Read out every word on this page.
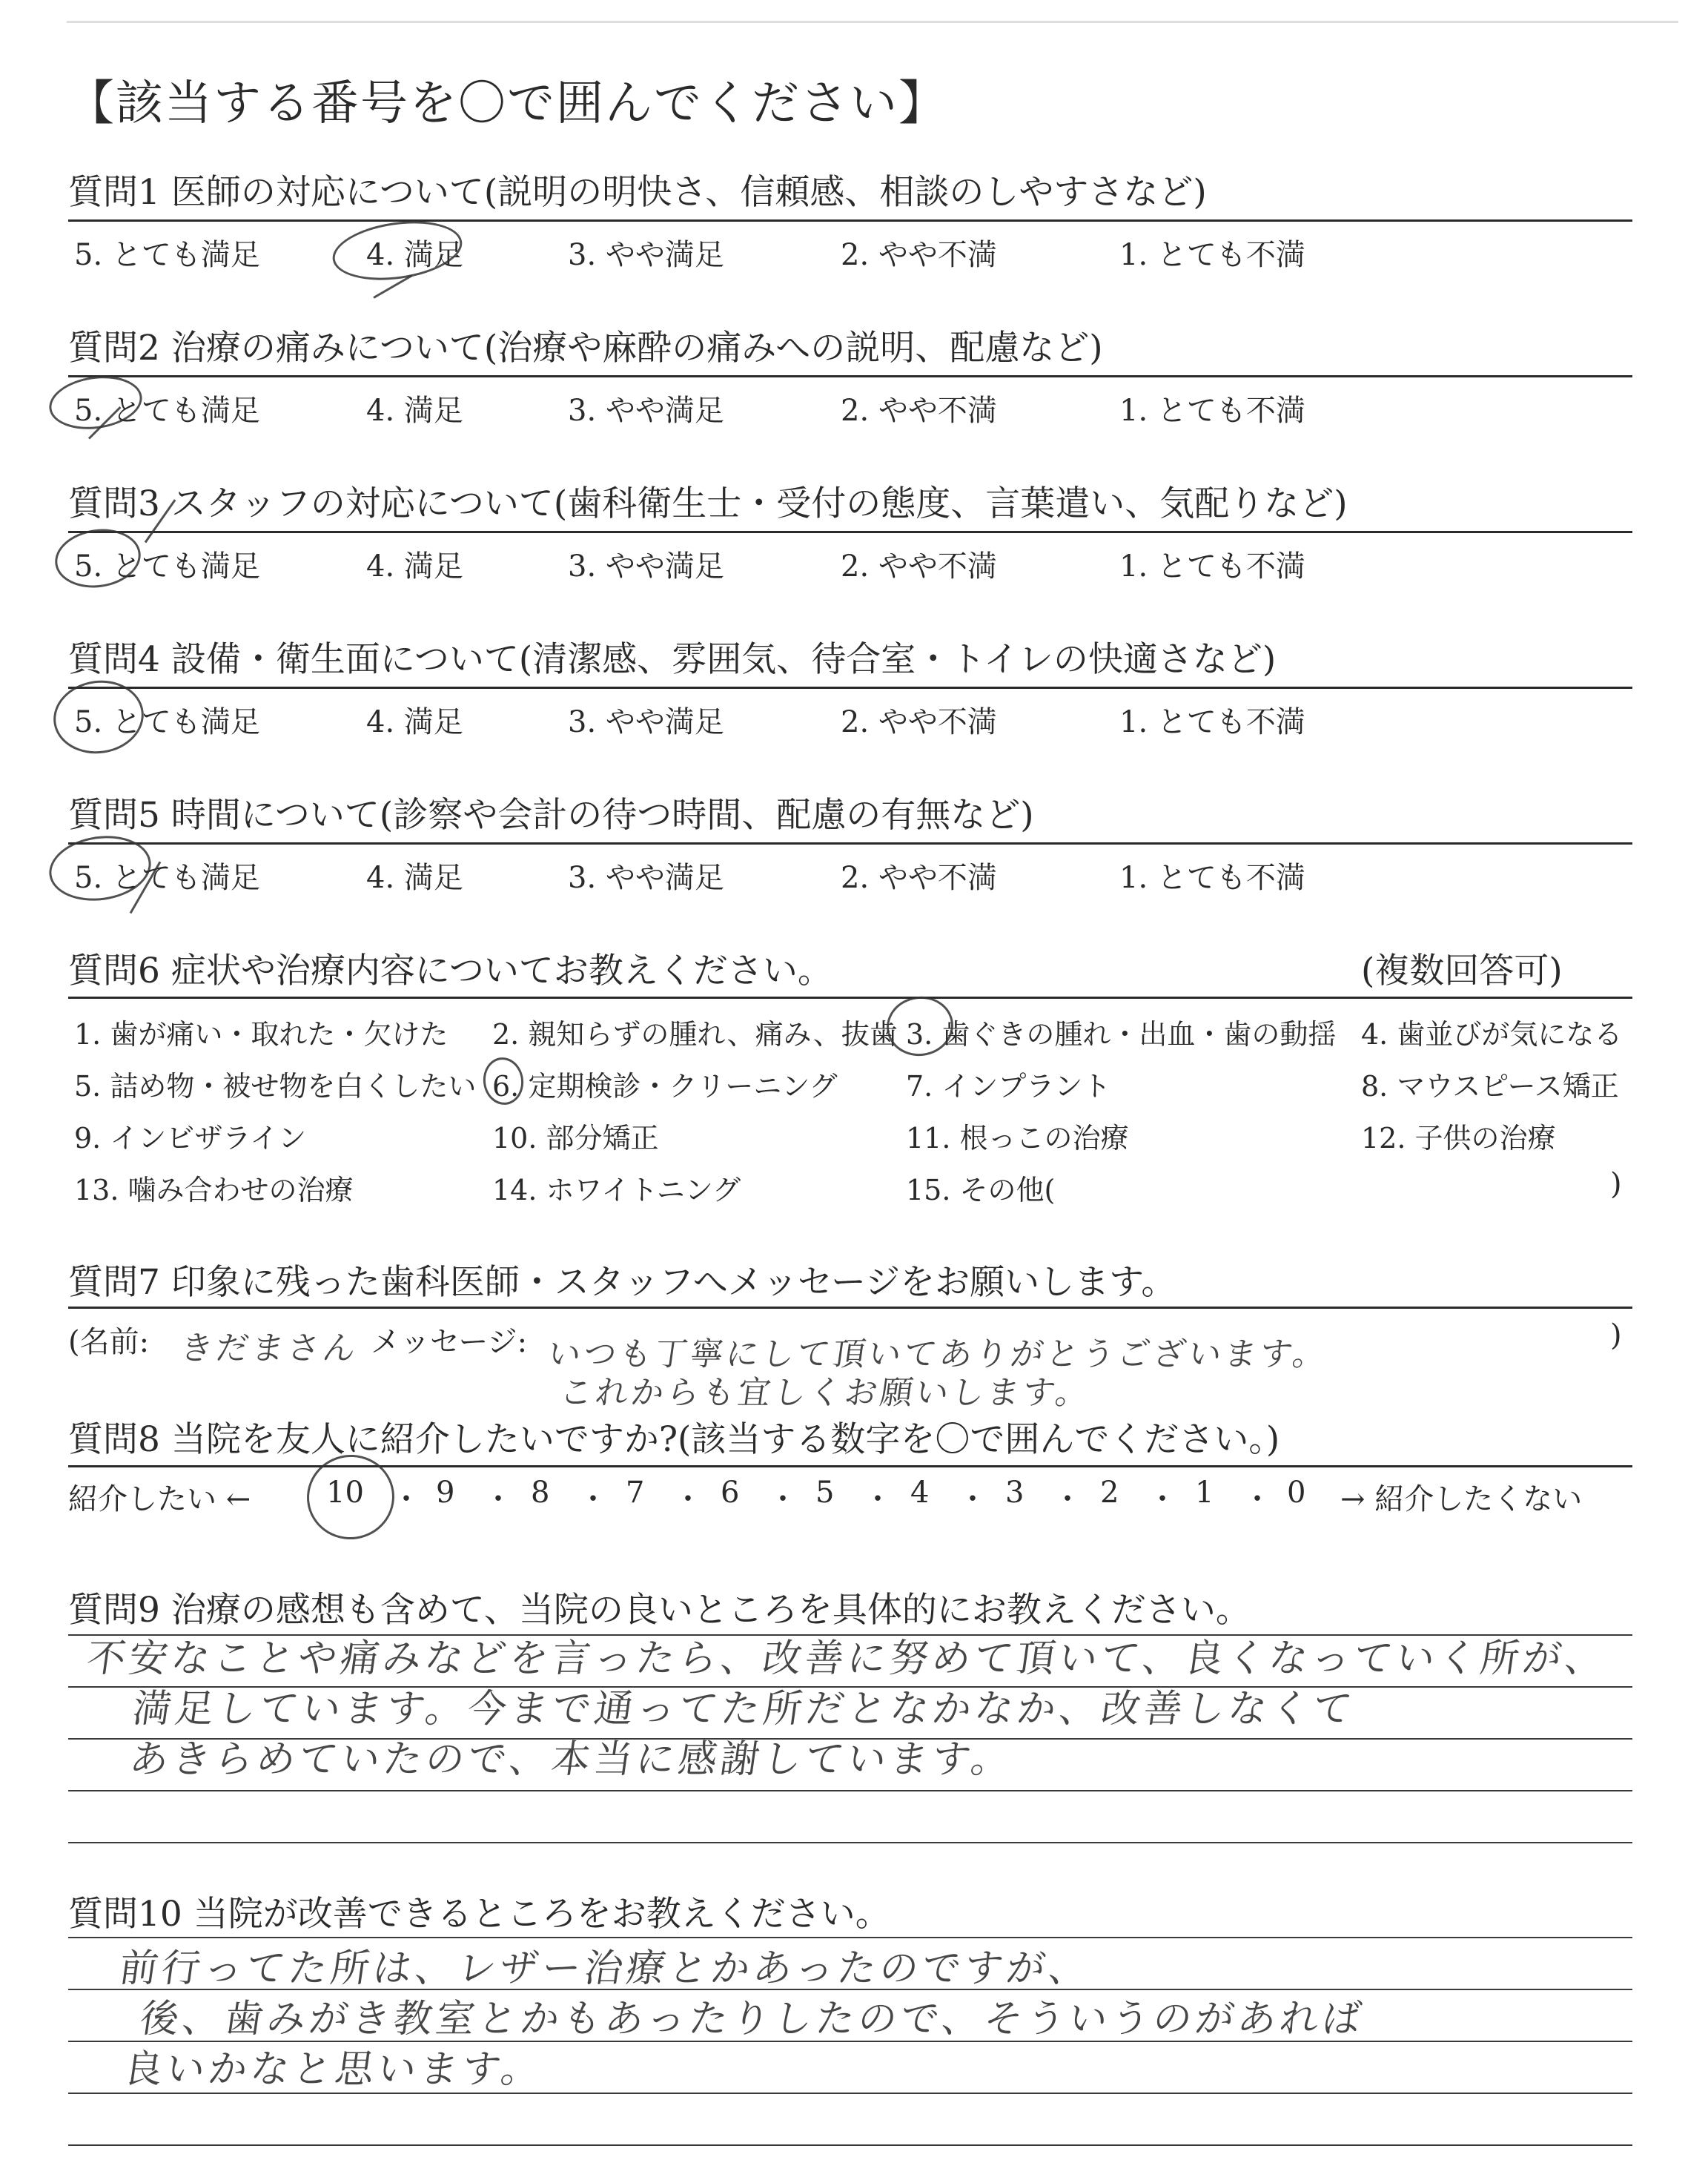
【該当する番号を〇で囲んでください】
質問1 医師の対応について(説明の明快さ、信頼感、相談のしやすさなど)
5. とても満足	4. 満足	3. やや満足	2. やや不満	1. とても不満
質問2 治療の痛みについて(治療や麻酔の痛みへの説明、配慮など)
5. とても満足	4. 満足	3. やや満足	2. やや不満	1. とても不満
質問3 スタッフの対応について(歯科衛生士・受付の態度、言葉遣い、気配りなど)
5. とても満足	4. 満足	3. やや満足	2. やや不満	1. とても不満
質問4 設備・衛生面について(清潔感、雰囲気、待合室・トイレの快適さなど)
5. とても満足	4. 満足	3. やや満足	2. やや不満	1. とても不満
質問5 時間について(診察や会計の待つ時間、配慮の有無など)
5. とても満足	4. 満足	3. やや満足	2. やや不満	1. とても不満
質問6 症状や治療内容についてお教えください。	(複数回答可)
1. 歯が痛い・取れた・欠けた 2. 親知らずの腫れ、痛み、抜歯 3. 歯ぐきの腫れ・出血・歯の動揺 4. 歯並びが気になる
5. 詰め物・被せ物を白くしたい 6. 定期検診・クリーニング 7. インプラント	8. マウスピース矯正
9. インビザライン	10. 部分矯正	11. 根っこの治療	12. 子供の治療
13. 噛み合わせの治療	14. ホワイトニング	15. その他(	)
質問7 印象に残った歯科医師・スタッフへメッセージをお願いします。
(名前: きだまさん メッセージ: いつも丁寧にして頂いてありがとうございます。
これからも宜しくお願いします。
)
質問8 当院を友人に紹介したいですか?(該当する数字を〇で囲んでください。)
紹介したい ←	→ 紹介したくない
10 ・ 9 ・ 8 ・ 7 ・ 6 ・ 5 ・ 4 ・ 3 ・ 2 ・ 1 ・ 0
質問9 治療の感想も含めて、当院の良いところを具体的にお教えください。
不安なことや痛みなどを言ったら、改善に努めて頂いて、良くなっていく所が、
満足しています。今まで通ってた所だとなかなか、改善しなくて
あきらめていたので、本当に感謝しています。
質問10 当院が改善できるところをお教えください。
前行ってた所は、レザー治療とかあったのですが、
後、歯みがき教室とかもあったりしたので、そういうのがあれば
良いかなと思います。
